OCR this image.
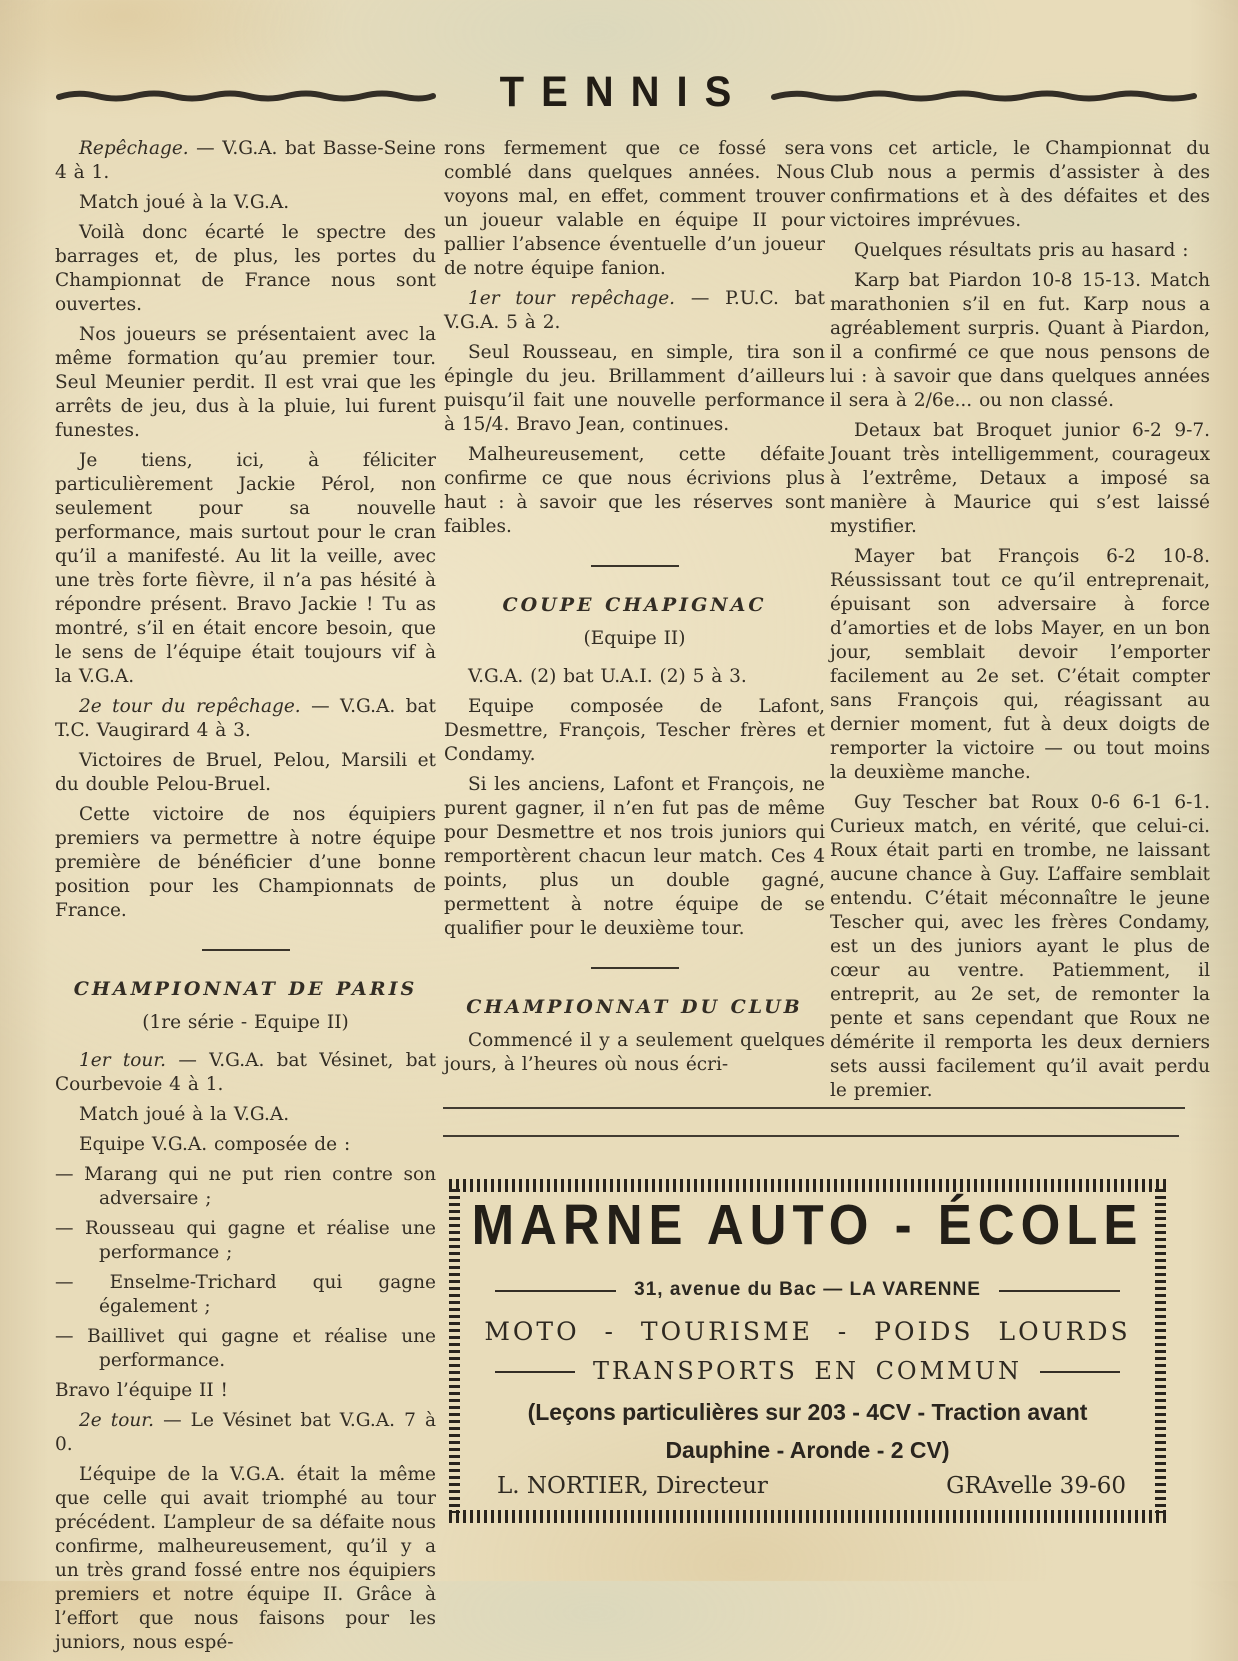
TENNIS
Repêchage. — V.G.A. bat Basse-Seine 4 à 1.
Match joué à la V.G.A.
Voilà donc écarté le spectre des barrages et, de plus, les portes du Championnat de France nous sont ouvertes.
Nos joueurs se présentaient avec la même formation qu’au premier tour. Seul Meunier perdit. Il est vrai que les arrêts de jeu, dus à la pluie, lui furent funestes.
Je tiens, ici, à féliciter particulièrement Jackie Pérol, non seulement pour sa nouvelle performance, mais surtout pour le cran qu’il a manifesté. Au lit la veille, avec une très forte fièvre, il n’a pas hésité à répondre présent. Bravo Jackie ! Tu as montré, s’il en était encore besoin, que le sens de l’équipe était toujours vif à la V.G.A.
2e tour du repêchage. — V.G.A. bat T.C. Vaugirard 4 à 3.
Victoires de Bruel, Pelou, Marsili et du double Pelou-Bruel.
Cette victoire de nos équipiers premiers va permettre à notre équipe première de bénéficier d’une bonne position pour les Championnats de France.
CHAMPIONNAT DE PARIS
(1re série - Equipe II)
1er tour. — V.G.A. bat Vésinet, bat Courbevoie 4 à 1.
Match joué à la V.G.A.
Equipe V.G.A. composée de :
— Marang qui ne put rien contre son adversaire ;
— Rousseau qui gagne et réalise une performance ;
— Enselme-Trichard qui gagne également ;
— Baillivet qui gagne et réalise une performance.
Bravo l’équipe II !
2e tour. — Le Vésinet bat V.G.A. 7 à 0.
L’équipe de la V.G.A. était la même que celle qui avait triomphé au tour précédent. L’ampleur de sa défaite nous confirme, malheureusement, qu’il y a un très grand fossé entre nos équipiers premiers et notre équipe II. Grâce à l’effort que nous faisons pour les juniors, nous espé-
rons fermement que ce fossé sera comblé dans quelques années. Nous voyons mal, en effet, comment trouver un joueur valable en équipe II pour pallier l’absence éventuelle d’un joueur de notre équipe fanion.
1er tour repêchage. — P.U.C. bat V.G.A. 5 à 2.
Seul Rousseau, en simple, tira son épingle du jeu. Brillamment d’ailleurs puisqu’il fait une nouvelle performance à 15/4. Bravo Jean, continues.
Malheureusement, cette défaite confirme ce que nous écrivions plus haut : à savoir que les réserves sont faibles.
COUPE CHAPIGNAC
(Equipe II)
V.G.A. (2) bat U.A.I. (2) 5 à 3.
Equipe composée de Lafont, Desmettre, François, Tescher frères et Condamy.
Si les anciens, Lafont et François, ne purent gagner, il n’en fut pas de même pour Desmettre et nos trois juniors qui remportèrent chacun leur match. Ces 4 points, plus un double gagné, permettent à notre équipe de se qualifier pour le deuxième tour.
CHAMPIONNAT DU CLUB
Commencé il y a seulement quelques jours, à l’heures où nous écri-
vons cet article, le Championnat du Club nous a permis d’assister à des confirmations et à des défaites et des victoires imprévues.
Quelques résultats pris au hasard :
Karp bat Piardon 10-8 15-13. Match marathonien s’il en fut. Karp nous a agréablement surpris. Quant à Piardon, il a confirmé ce que nous pensons de lui : à savoir que dans quelques années il sera à 2/6e... ou non classé.
Detaux bat Broquet junior 6-2 9-7. Jouant très intelligemment, courageux à l’extrême, Detaux a imposé sa manière à Maurice qui s’est laissé mystifier.
Mayer bat François 6-2 10-8. Réussissant tout ce qu’il entreprenait, épuisant son adversaire à force d’amorties et de lobs Mayer, en un bon jour, semblait devoir l’emporter facilement au 2e set. C’était compter sans François qui, réagissant au dernier moment, fut à deux doigts de remporter la victoire — ou tout moins la deuxième manche.
Guy Tescher bat Roux 0-6 6-1 6-1. Curieux match, en vérité, que celui-ci. Roux était parti en trombe, ne laissant aucune chance à Guy. L’affaire semblait entendu. C’était méconnaître le jeune Tescher qui, avec les frères Condamy, est un des juniors ayant le plus de cœur au ventre. Patiemment, il entreprit, au 2e set, de remonter la pente et sans cependant que Roux ne démérite il remporta les deux derniers sets aussi facilement qu’il avait perdu le premier.
MARNE AUTO - ÉCOLE
31, avenue du Bac — LA VARENNE
MOTO - TOURISME - POIDS LOURDS
TRANSPORTS EN COMMUN
(Leçons particulières sur 203 - 4CV - Traction avant
Dauphine - Aronde - 2 CV)
L. NORTIER, Directeur	GRAvelle 39-60
